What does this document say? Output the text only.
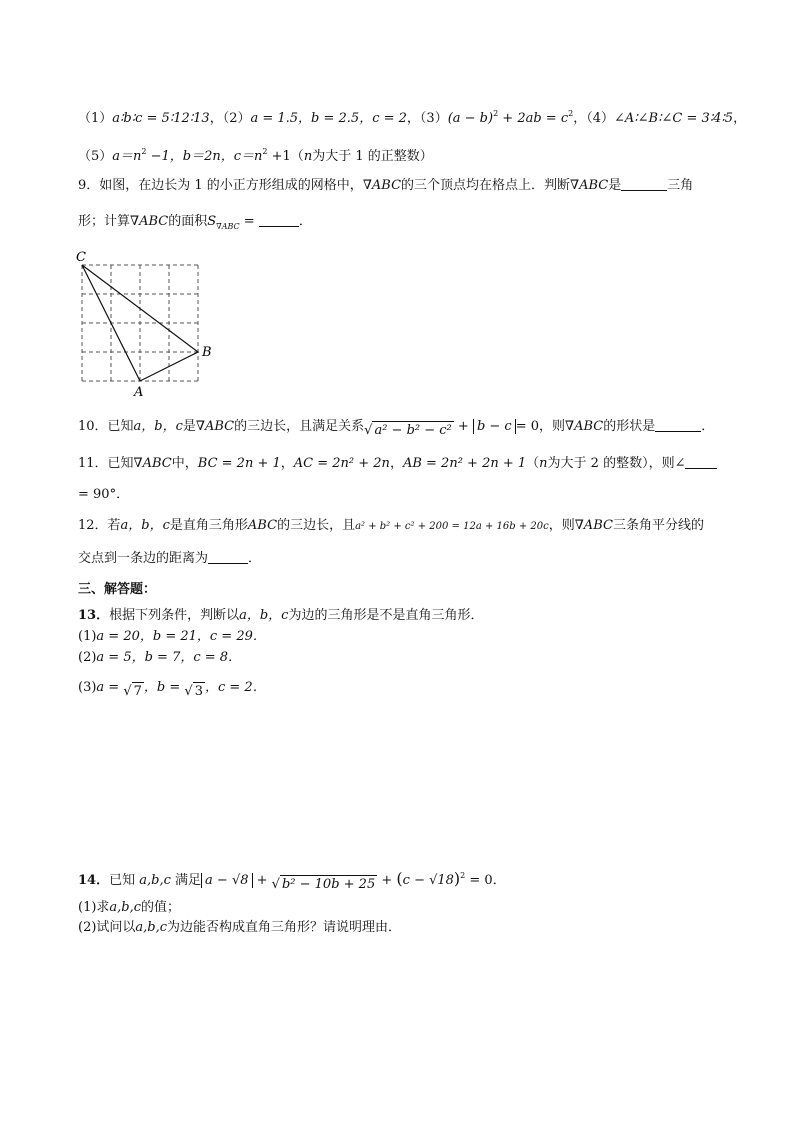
（1）a∶b∶c = 5∶12∶13，（2）a = 1.5，b = 2.5，c = 2，$(3)(a - b)^2 + 2ab = c^2$，（4）∠A∶∠B∶∠C = 3∶4∶5，
$(5)a=n^2 -1$，b＝2n，$c=n^2 +1(n$为大于 1 的正整数）
9．如图，在边长为 1 的小正方形组成的网格中，∇ABC的三个顶点均在格点上．判断∇ABC是	三角
形；计算∇ABC的面积$S_{\nabla ABC}$ =	．
C
B
A
10．已知a，b，c是∇ABC的三边长，且满足关系√ a² − b² − c² + b − c = 0，则∇ABC的形状是	．
11．已知∇ABC中，BC = 2n + 1，AC = 2n² + 2n，AB = 2n² + 2n + 1（n为大于 2 的整数），则∠
= 90°．
12．若a，b，c是直角三角形ABC的三边长，且a² + b² + c² + 200 = 12a + 16b + 20c，则∇ABC三条角平分线的
交点到一条边的距离为	．
三、解答题：
13．根据下列条件，判断以a，b，c为边的三角形是不是直角三角形．
(1)a = 20，b = 21，c = 29．
(2)a = 5，b = 7，c = 8．
(3)a = √ 7 ，b = √ 3 ，c = 2．
14．已知 a,b,c 满足 a − √8 + √ $b^2 - 10b + 25 + (c - √18)^2 = 0$．
(1)求a,b,c的值；
(2)试问以a,b,c为边能否构成直角三角形？请说明理由．
